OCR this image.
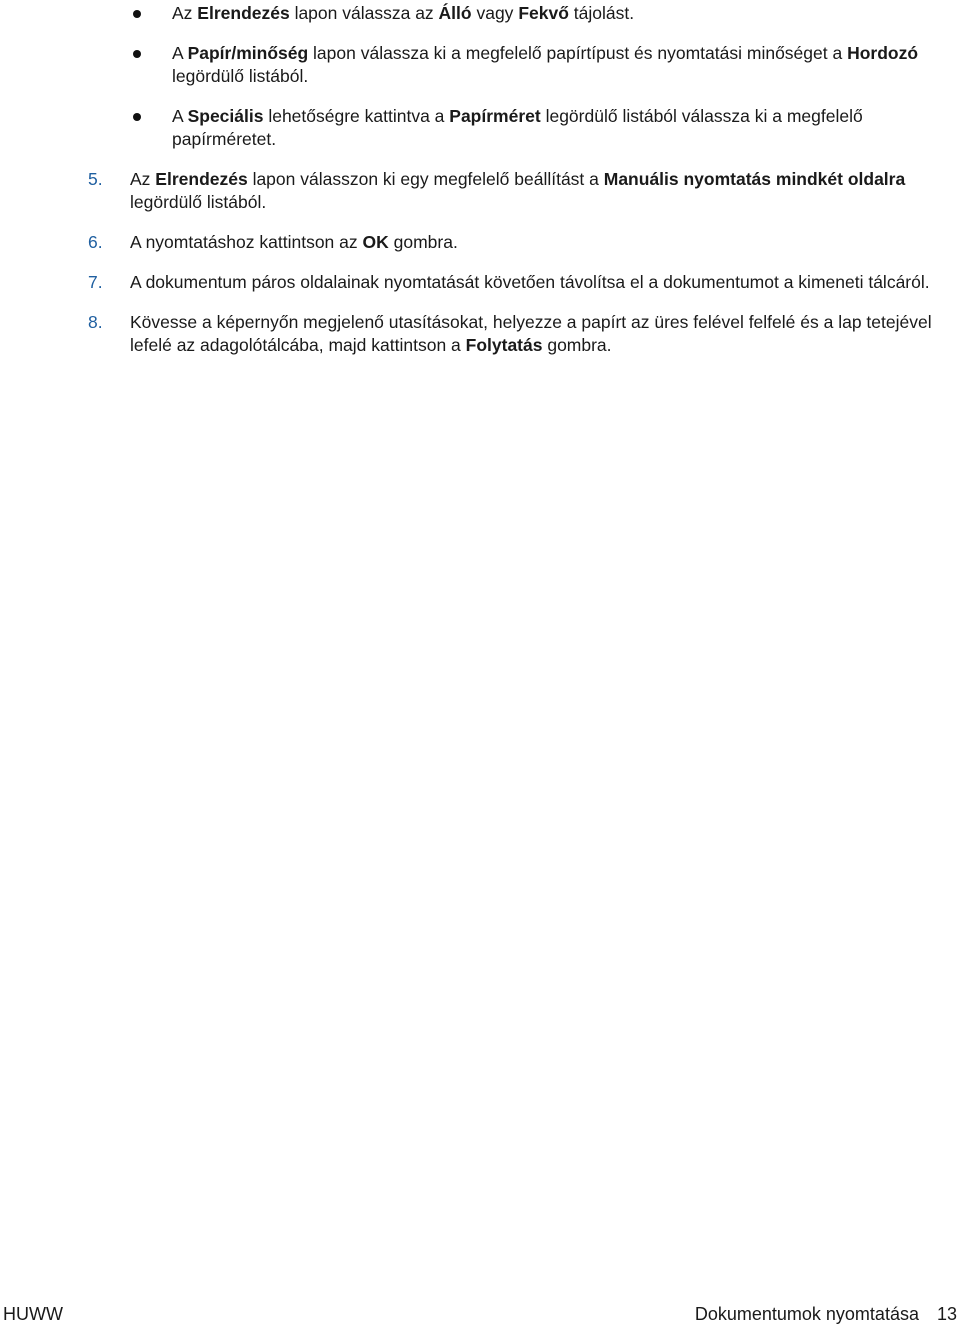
Az Elrendezés lapon válassza az Álló vagy Fekvő tájolást.
A Papír/minőség lapon válassza ki a megfelelő papírtípust és nyomtatási minőséget a Hordozó legördülő listából.
A Speciális lehetőségre kattintva a Papírméret legördülő listából válassza ki a megfelelő papírméretet.
5. Az Elrendezés lapon válasszon ki egy megfelelő beállítást a Manuális nyomtatás mindkét oldalra legördülő listából.
6. A nyomtatáshoz kattintson az OK gombra.
7. A dokumentum páros oldalainak nyomtatását követően távolítsa el a dokumentumot a kimeneti tálcáról.
8. Kövesse a képernyőn megjelenő utasításokat, helyezze a papírt az üres felével felfelé és a lap tetejével lefelé az adagolótálcába, majd kattintson a Folytatás gombra.
HUWW	Dokumentumok nyomtatása 13
